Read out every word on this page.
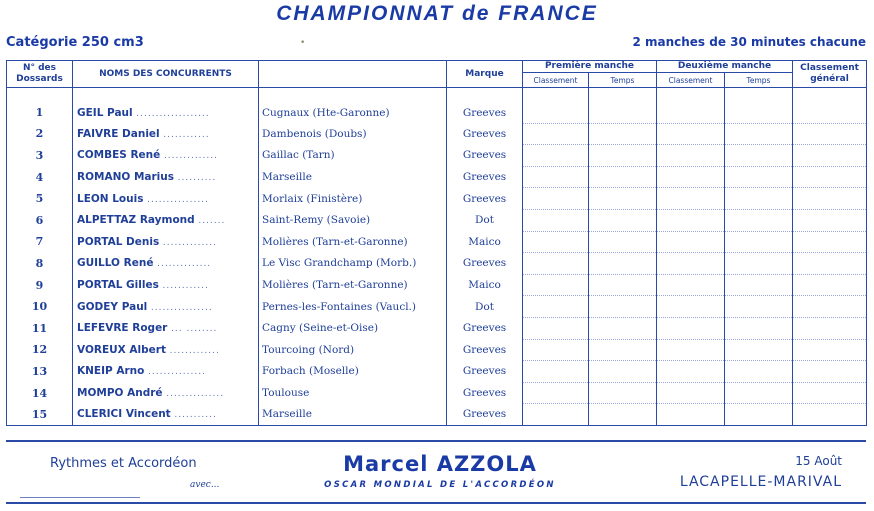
CHAMPIONNAT de FRANCE
Catégorie 250 cm3	•	2 manches de 30 minutes chacune
N° des Dossards	NOMS DES CONCURRENTS		Marque	Première manche		Deuxième manche		Classement général
				Classement	Temps	Classement	Temps	

1	GEIL Paul ...................	Cugnaux (Hte-Garonne)	Greeves					
2	FAIVRE Daniel ............	Dambenois (Doubs)	Greeves					
3	COMBES René ..............	Gaillac (Tarn)	Greeves					
4	ROMANO Marius ..........	Marseille	Greeves					
5	LEON Louis ................	Morlaix (Finistère)	Greeves					
6	ALPETTAZ Raymond .......	Saint-Remy (Savoie)	Dot					
7	PORTAL Denis ..............	Molières (Tarn-et-Garonne)	Maico					
8	GUILLO René ..............	Le Visc Grandchamp (Morb.)	Greeves					
9	PORTAL Gilles ............	Molières (Tarn-et-Garonne)	Maico					
10	GODEY Paul ................	Pernes-les-Fontaines (Vaucl.)	Dot					
11	LEFEVRE Roger ... ........	Cagny (Seine-et-Oise)	Greeves					
12	VOREUX Albert .............	Tourcoing (Nord)	Greeves					
13	KNEIP Arno ...............	Forbach (Moselle)	Greeves					
14	MOMPO André ...............	Toulouse	Greeves					
15	CLERICI Vincent ...........	Marseille	Greeves					
Rythmes et Accordéon
avec...
Marcel AZZOLA
OSCAR MONDIAL DE L'ACCORDÉON
15 Août
LACAPELLE-MARIVAL
